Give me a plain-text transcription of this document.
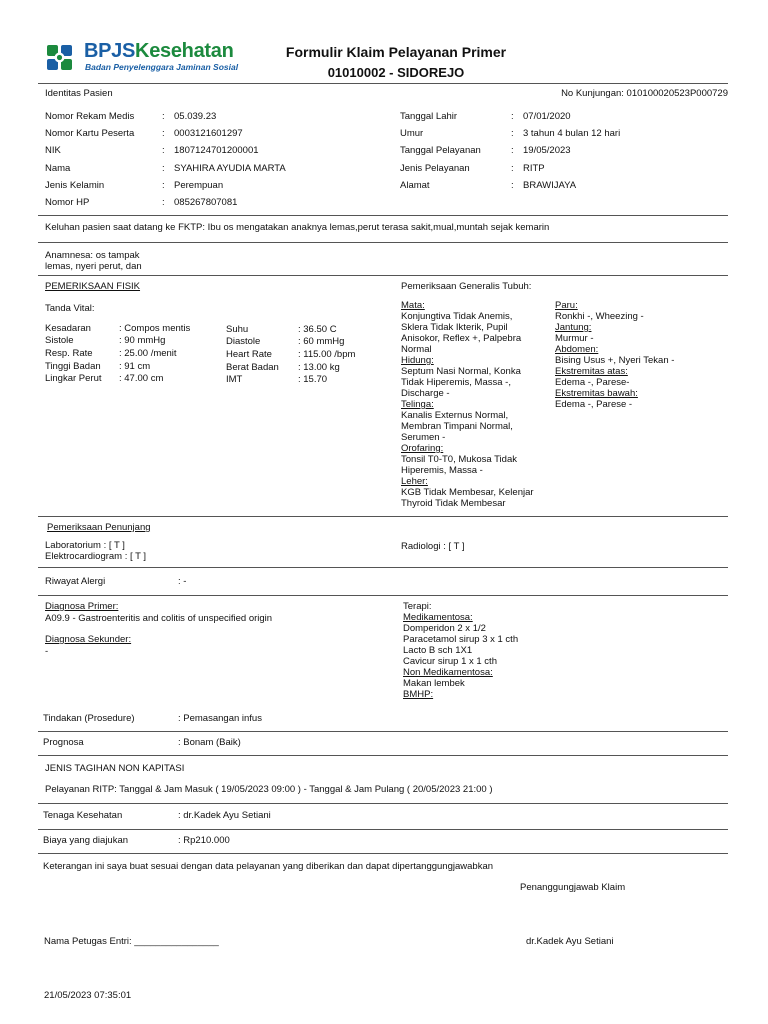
BPJSKesehatan
Badan Penyelenggara Jaminan Sosial
Formulir Klaim Pelayanan Primer
01010002 - SIDOREJO
Identitas Pasien	No Kunjungan: 010100020523P000729
Nomor Rekam Medis	: 05.039.23
Nomor Kartu Peserta	: 0003121601297
NIK	: 1807124701200001
Nama	: SYAHIRA AYUDIA MARTA
Jenis Kelamin	: Perempuan
Nomor HP	: 085267807081
Tanggal Lahir	: 07/01/2020
Umur	: 3 tahun 4 bulan 12 hari
Tanggal Pelayanan	: 19/05/2023
Jenis Pelayanan	: RITP
Alamat	: BRAWIJAYA
Keluhan pasien saat datang ke FKTP: Ibu os mengatakan anaknya lemas,perut terasa sakit,mual,muntah sejak kemarin
Anamnesa: os tampak
lemas, nyeri perut, dan
PEMERIKSAAN FISIK
Tanda Vital:
Kesadaran	: Compos mentis
Sistole	: 90 mmHg
Resp. Rate	: 25.00 /menit
Tinggi Badan : 91 cm
Lingkar Perut : 47.00 cm
Suhu	: 36.50 C
Diastole	: 60 mmHg
Heart Rate	: 115.00 /bpm
Berat Badan : 13.00 kg
IMT	: 15.70
Pemeriksaan Generalis Tubuh:
Mata:
Konjungtiva Tidak Anemis,
Sklera Tidak Ikterik, Pupil
Anisokor, Reflex +, Palpebra
Normal
Hidung:
Septum Nasi Normal, Konka
Tidak Hiperemis, Massa -,
Discharge -
Telinga:
Kanalis Externus Normal,
Membran Timpani Normal,
Serumen -
Orofaring:
Tonsil T0-T0, Mukosa Tidak
Hiperemis, Massa -
Leher:
KGB Tidak Membesar, Kelenjar
Thyroid Tidak Membesar
Paru:
Ronkhi -, Wheezing -
Jantung:
Murmur -
Abdomen:
Bising Usus +, Nyeri Tekan -
Ekstremitas atas:
Edema -, Parese-
Ekstremitas bawah:
Edema -, Parese -
Pemeriksaan Penunjang
Laboratorium : [ T ]
Elektrocardiogram : [ T ]
Radiologi : [ T ]
Riwayat Alergi	: -
Diagnosa Primer:
A09.9 - Gastroenteritis and colitis of unspecified origin
Diagnosa Sekunder:
-
Terapi:
Medikamentosa:
Domperidon 2 x 1/2
Paracetamol sirup 3 x 1 cth
Lacto B sch 1X1
Cavicur sirup 1 x 1 cth
Non Medikamentosa:
Makan lembek
BMHP:
Tindakan (Prosedure)	: Pemasangan infus
Prognosa	: Bonam (Baik)
JENIS TAGIHAN NON KAPITASI
Pelayanan RITP: Tanggal & Jam Masuk ( 19/05/2023 09:00 ) - Tanggal & Jam Pulang ( 20/05/2023 21:00 )
Tenaga Kesehatan	: dr.Kadek Ayu Setiani
Biaya yang diajukan	: Rp210.000
Keterangan ini saya buat sesuai dengan data pelayanan yang diberikan dan dapat dipertanggungjawabkan
Penanggungjawab Klaim
Nama Petugas Entri: ________________	dr.Kadek Ayu Setiani
21/05/2023 07:35:01
